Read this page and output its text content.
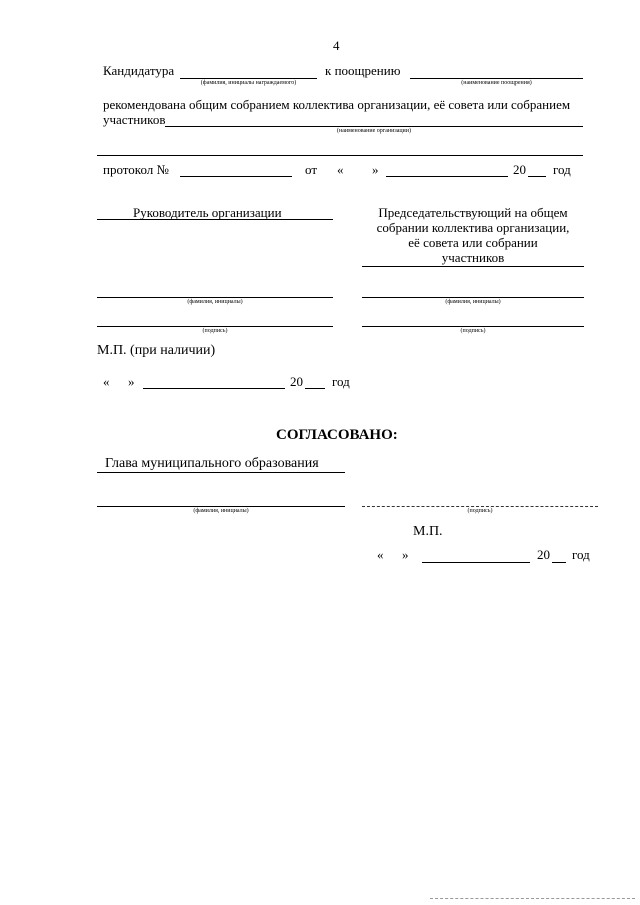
4
Кандидатура
(фамилия, инициалы награждаемого)
к поощрению
(наименование поощрения)
рекомендована общим собранием коллектива организации, её совета или собранием
участников
(наименование организации)
протокол №	от « »	20 год
Руководитель организации	Председательствующий на общем
собрании коллектива организации,
её совета или собрании
участников
(фамилия, инициалы)	(фамилия, инициалы)
(подпись)	(подпись)
М.П. (при наличии)
« »	20 год
СОГЛАСОВАНО:
Глава муниципального образования
(фамилия, инициалы)	(подпись)
М.П.
« »	20 год
